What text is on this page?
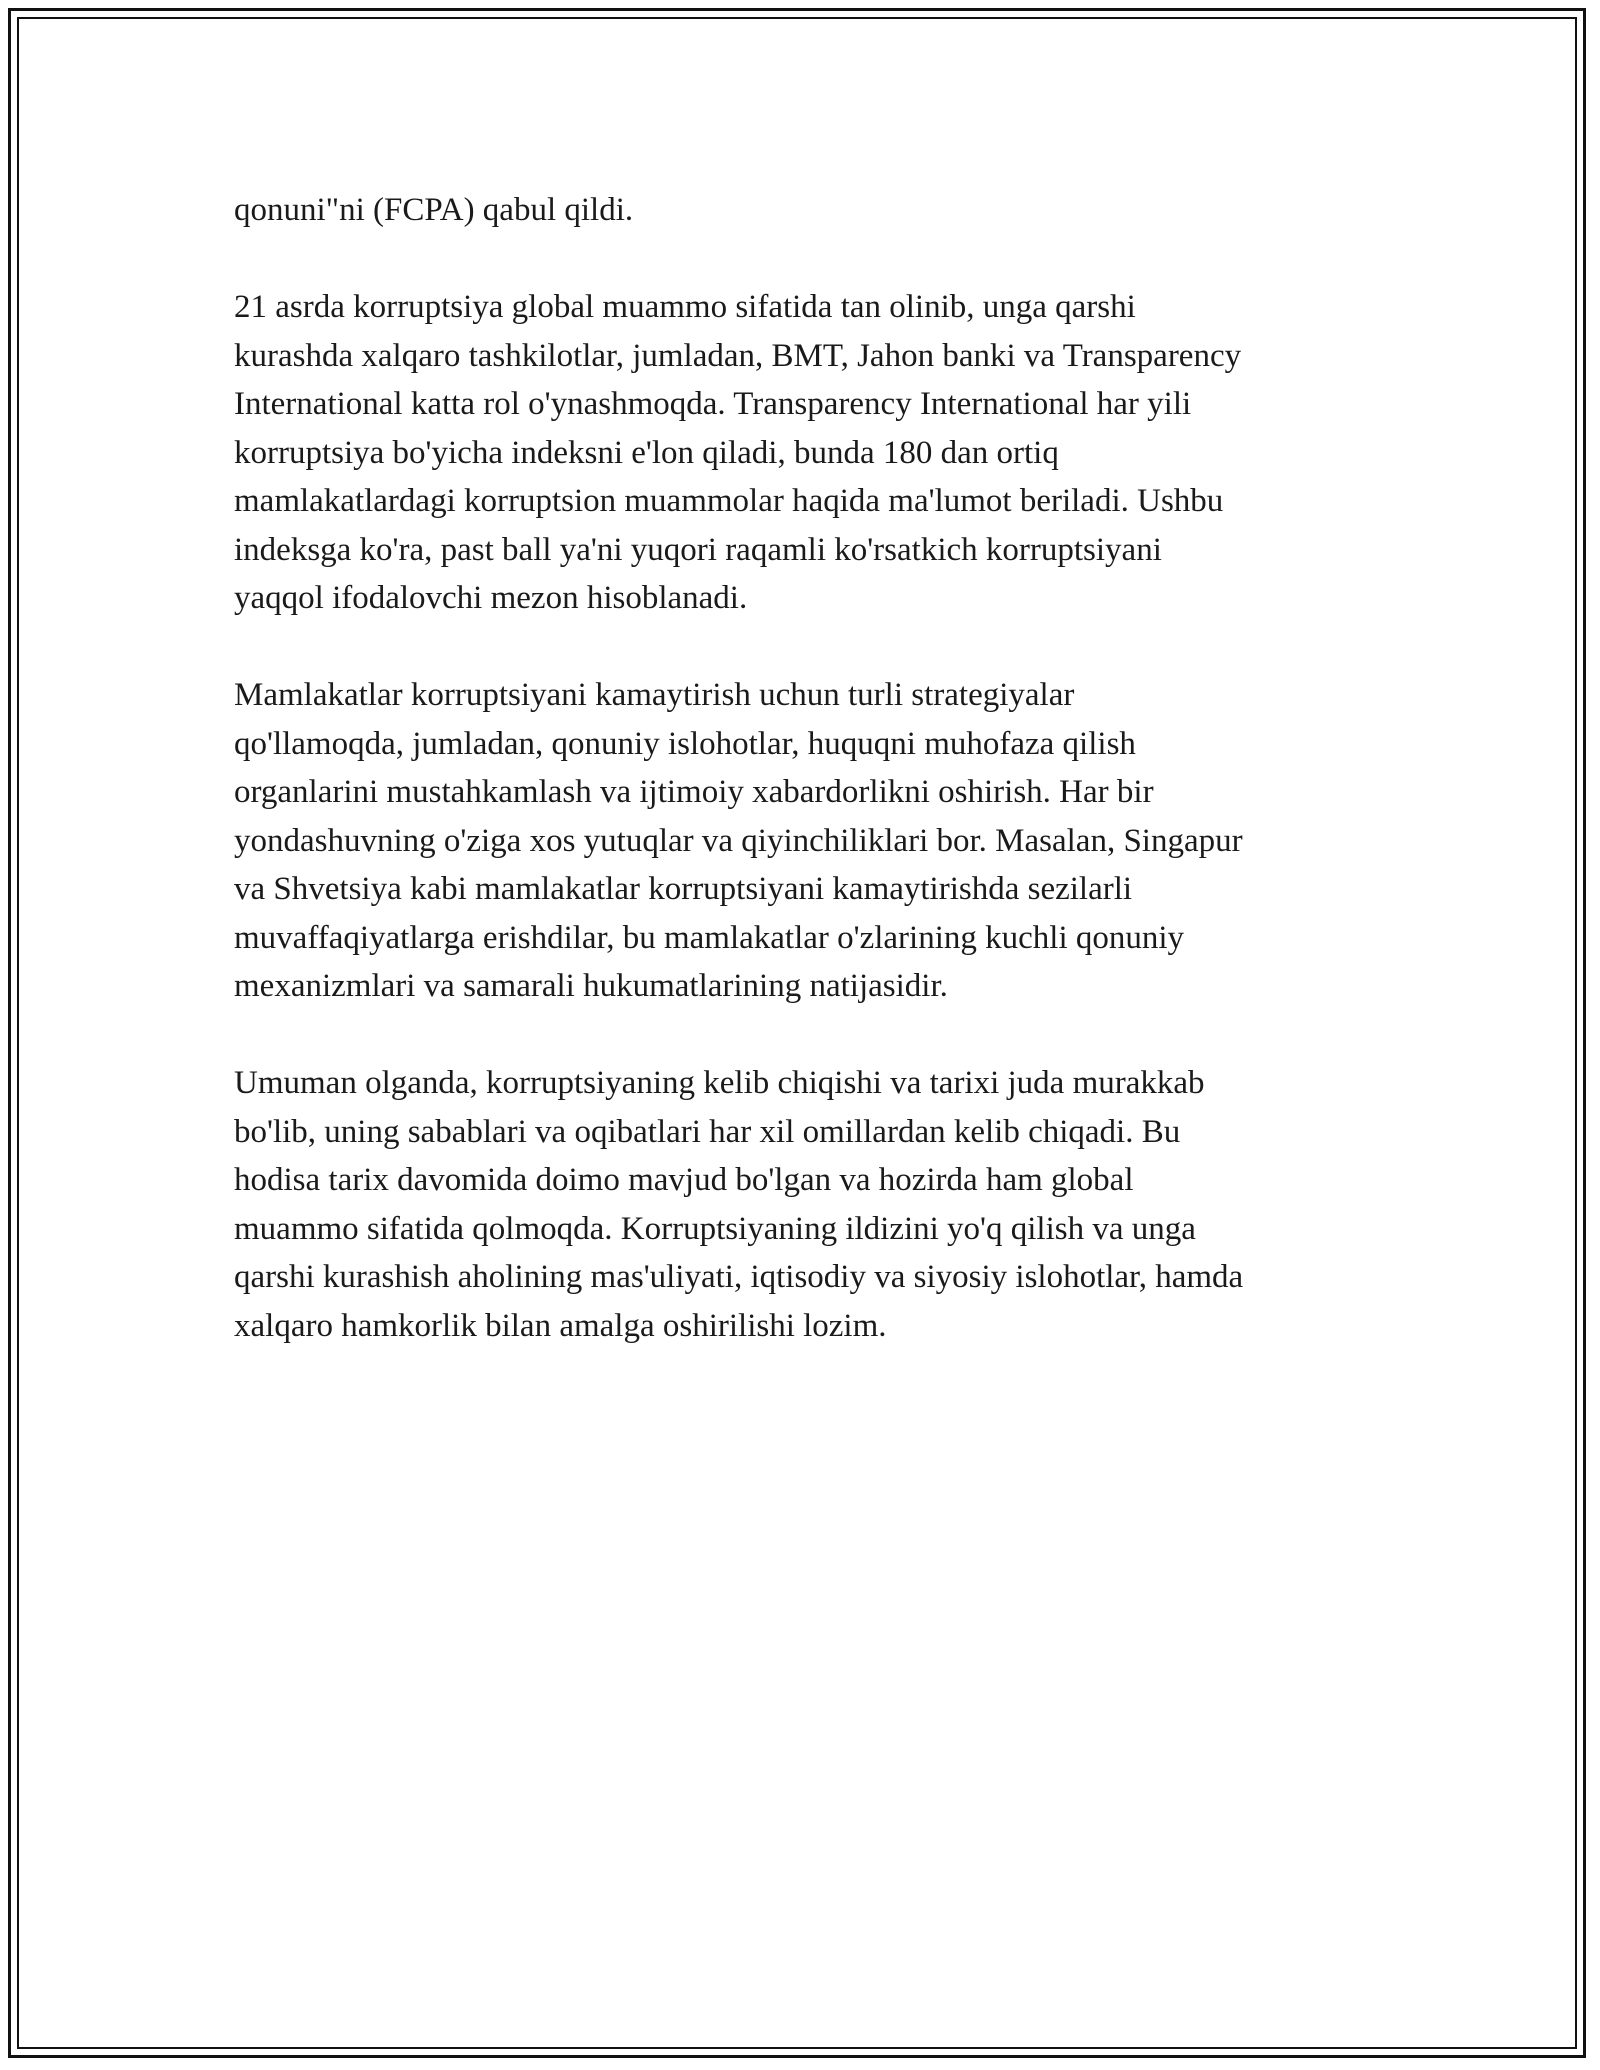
qonuni"ni (FCPA) qabul qildi.

21 asrda korruptsiya global muammo sifatida tan olinib, unga qarshi
kurashda xalqaro tashkilotlar, jumladan, BMT, Jahon banki va Transparency
International katta rol o'ynashmoqda. Transparency International har yili
korruptsiya bo'yicha indeksni e'lon qiladi, bunda 180 dan ortiq
mamlakatlardagi korruptsion muammolar haqida ma'lumot beriladi. Ushbu
indeksga ko'ra, past ball ya'ni yuqori raqamli ko'rsatkich korruptsiyani
yaqqol ifodalovchi mezon hisoblanadi.

Mamlakatlar korruptsiyani kamaytirish uchun turli strategiyalar
qo'llamoqda, jumladan, qonuniy islohotlar, huquqni muhofaza qilish
organlarini mustahkamlash va ijtimoiy xabardorlikni oshirish. Har bir
yondashuvning o'ziga xos yutuqlar va qiyinchiliklari bor. Masalan, Singapur
va Shvetsiya kabi mamlakatlar korruptsiyani kamaytirishda sezilarli
muvaffaqiyatlarga erishdilar, bu mamlakatlar o'zlarining kuchli qonuniy
mexanizmlari va samarali hukumatlarining natijasidir.

Umuman olganda, korruptsiyaning kelib chiqishi va tarixi juda murakkab
bo'lib, uning sabablari va oqibatlari har xil omillardan kelib chiqadi. Bu
hodisa tarix davomida doimo mavjud bo'lgan va hozirda ham global
muammo sifatida qolmoqda. Korruptsiyaning ildizini yo'q qilish va unga
qarshi kurashish aholining mas'uliyati, iqtisodiy va siyosiy islohotlar, hamda
xalqaro hamkorlik bilan amalga oshirilishi lozim.
